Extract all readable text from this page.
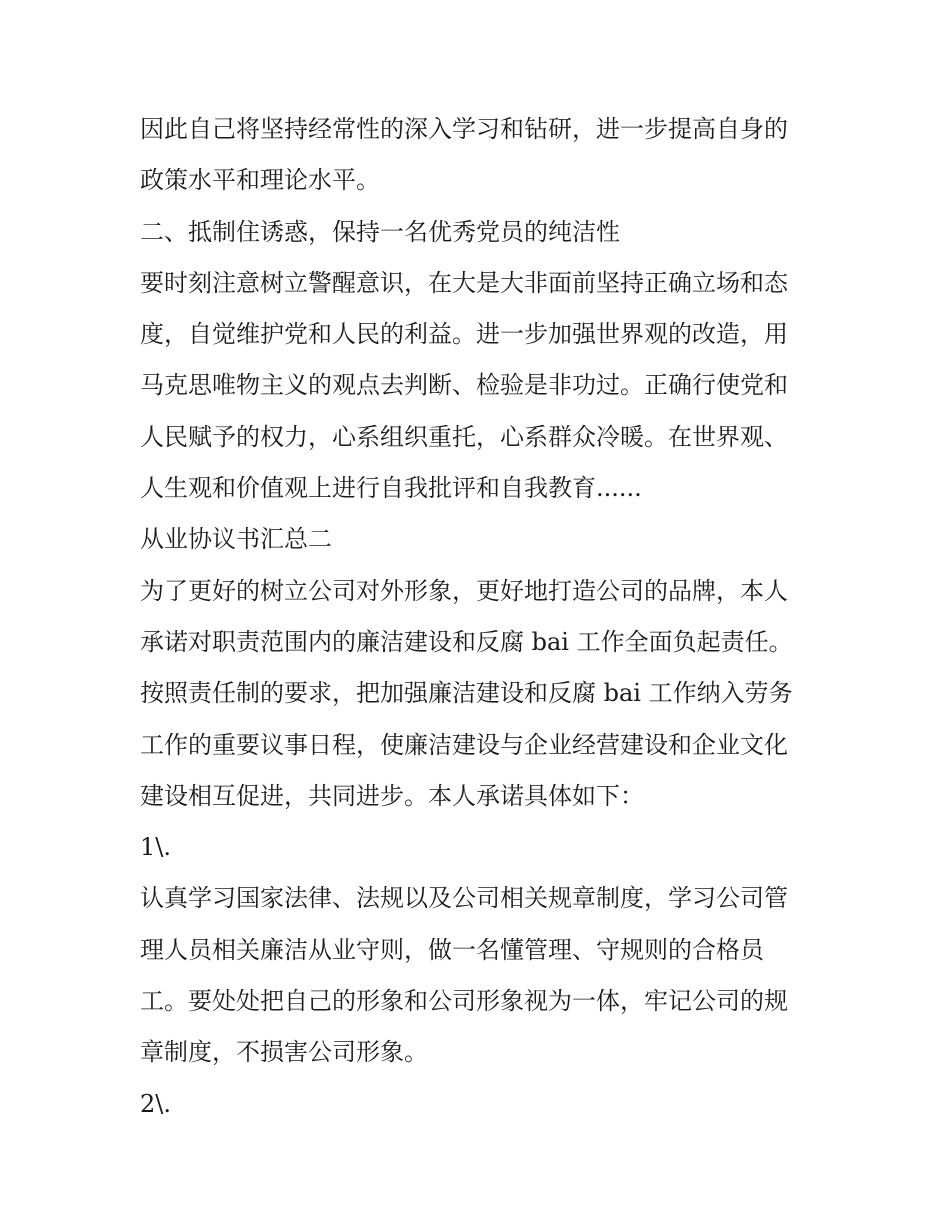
因此自己将坚持经常性的深入学习和钻研，进一步提高自身的
政策水平和理论水平。
二、抵制住诱惑，保持一名优秀党员的纯洁性
要时刻注意树立警醒意识，在大是大非面前坚持正确立场和态
度，自觉维护党和人民的利益。进一步加强世界观的改造，用
马克思唯物主义的观点去判断、检验是非功过。正确行使党和
人民赋予的权力，心系组织重托，心系群众冷暖。在世界观、
人生观和价值观上进行自我批评和自我教育......
从业协议书汇总二
为了更好的树立公司对外形象，更好地打造公司的品牌，本人
承诺对职责范围内的廉洁建设和反腐 bai 工作全面负起责任。
按照责任制的要求，把加强廉洁建设和反腐 bai 工作纳入劳务
工作的重要议事日程，使廉洁建设与企业经营建设和企业文化
建设相互促进，共同进步。本人承诺具体如下：
1\.
认真学习国家法律、法规以及公司相关规章制度，学习公司管
理人员相关廉洁从业守则，做一名懂管理、守规则的合格员
工。要处处把自己的形象和公司形象视为一体，牢记公司的规
章制度，不损害公司形象。
2\.
